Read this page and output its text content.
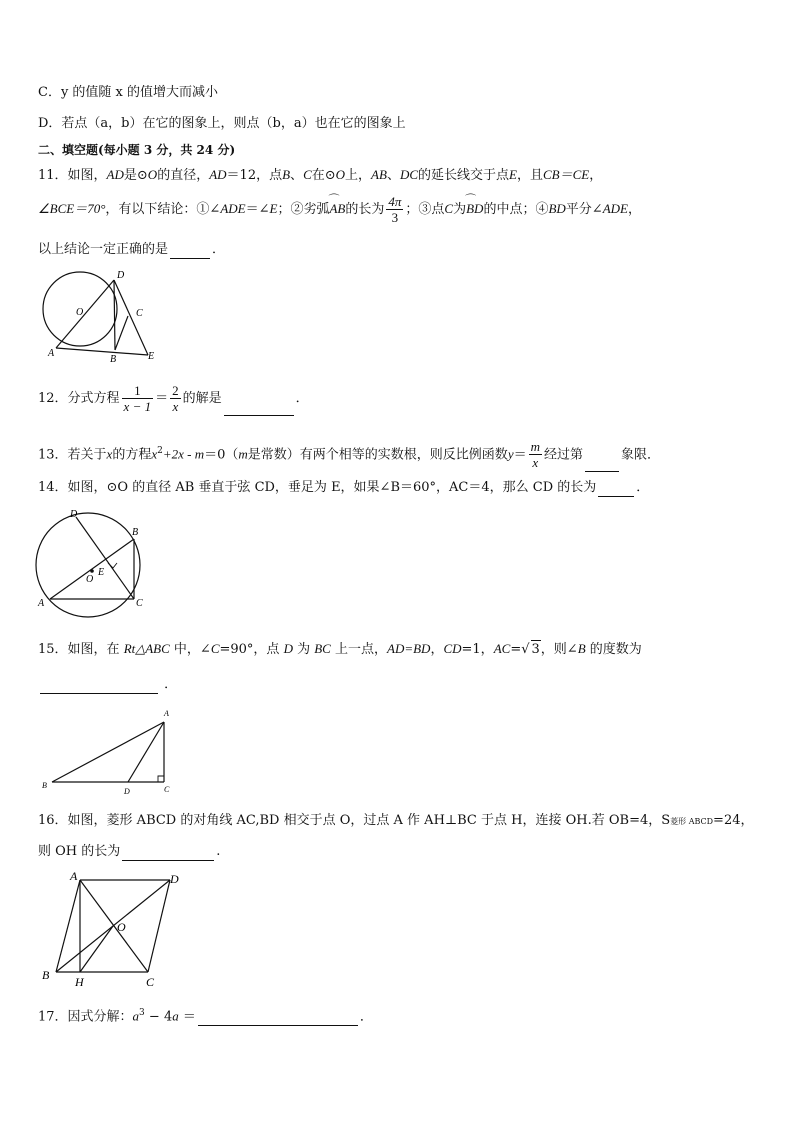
C．y 的值随 x 的值增大而减小
D．若点（a，b）在它的图象上，则点（b，a）也在它的图象上
二、填空题(每小题 3 分，共 24 分)
11．如图，AD是⊙O的直径，AD＝12，点B、C在⊙O上，AB、DC的延长线交于点E，且CB＝CE，
∠BCE＝70°，有以下结论：①∠ADE＝∠E；②劣弧⌒ AB的长为 $\frac{4\pi}{3}$ ；③点C为⌒ BD的中点；④BD平分∠ADE，
以上结论一定正确的是	．
D
O	C
A
B	E
12．分式方程 $\frac{1}{x - 1} = \frac{2}{x}$ 的解是	．
13．若关于x的方程$x^2+2x - m=0(m$是常数）有两个相等的实数根，则反比例函数$y= \frac{m}{x}$ 经过第	象限．
14．如图，⊙O 的直径 AB 垂直于弦 CD，垂足为 E，如果∠B＝60°，AC＝4，那么 CD 的长为	．
D
B
E
O
A	C
15．如图，在 Rt△ABC 中，∠C=90°，点 D 为 BC 上一点，AD=BD，CD=1，AC=√ 3，则∠B 的度数为
．
A
B
D	C
16．如图，菱形 ABCD 的对角线 AC,BD 相交于点 O，过点 A 作 AH⊥BC 于点 H，连接 OH.若 OB=4，S菱形 ABCD=24，
则 OH 的长为	.
A	D
O
B H	C
17．因式分解：$a^3 - 4a$ ＝	．
